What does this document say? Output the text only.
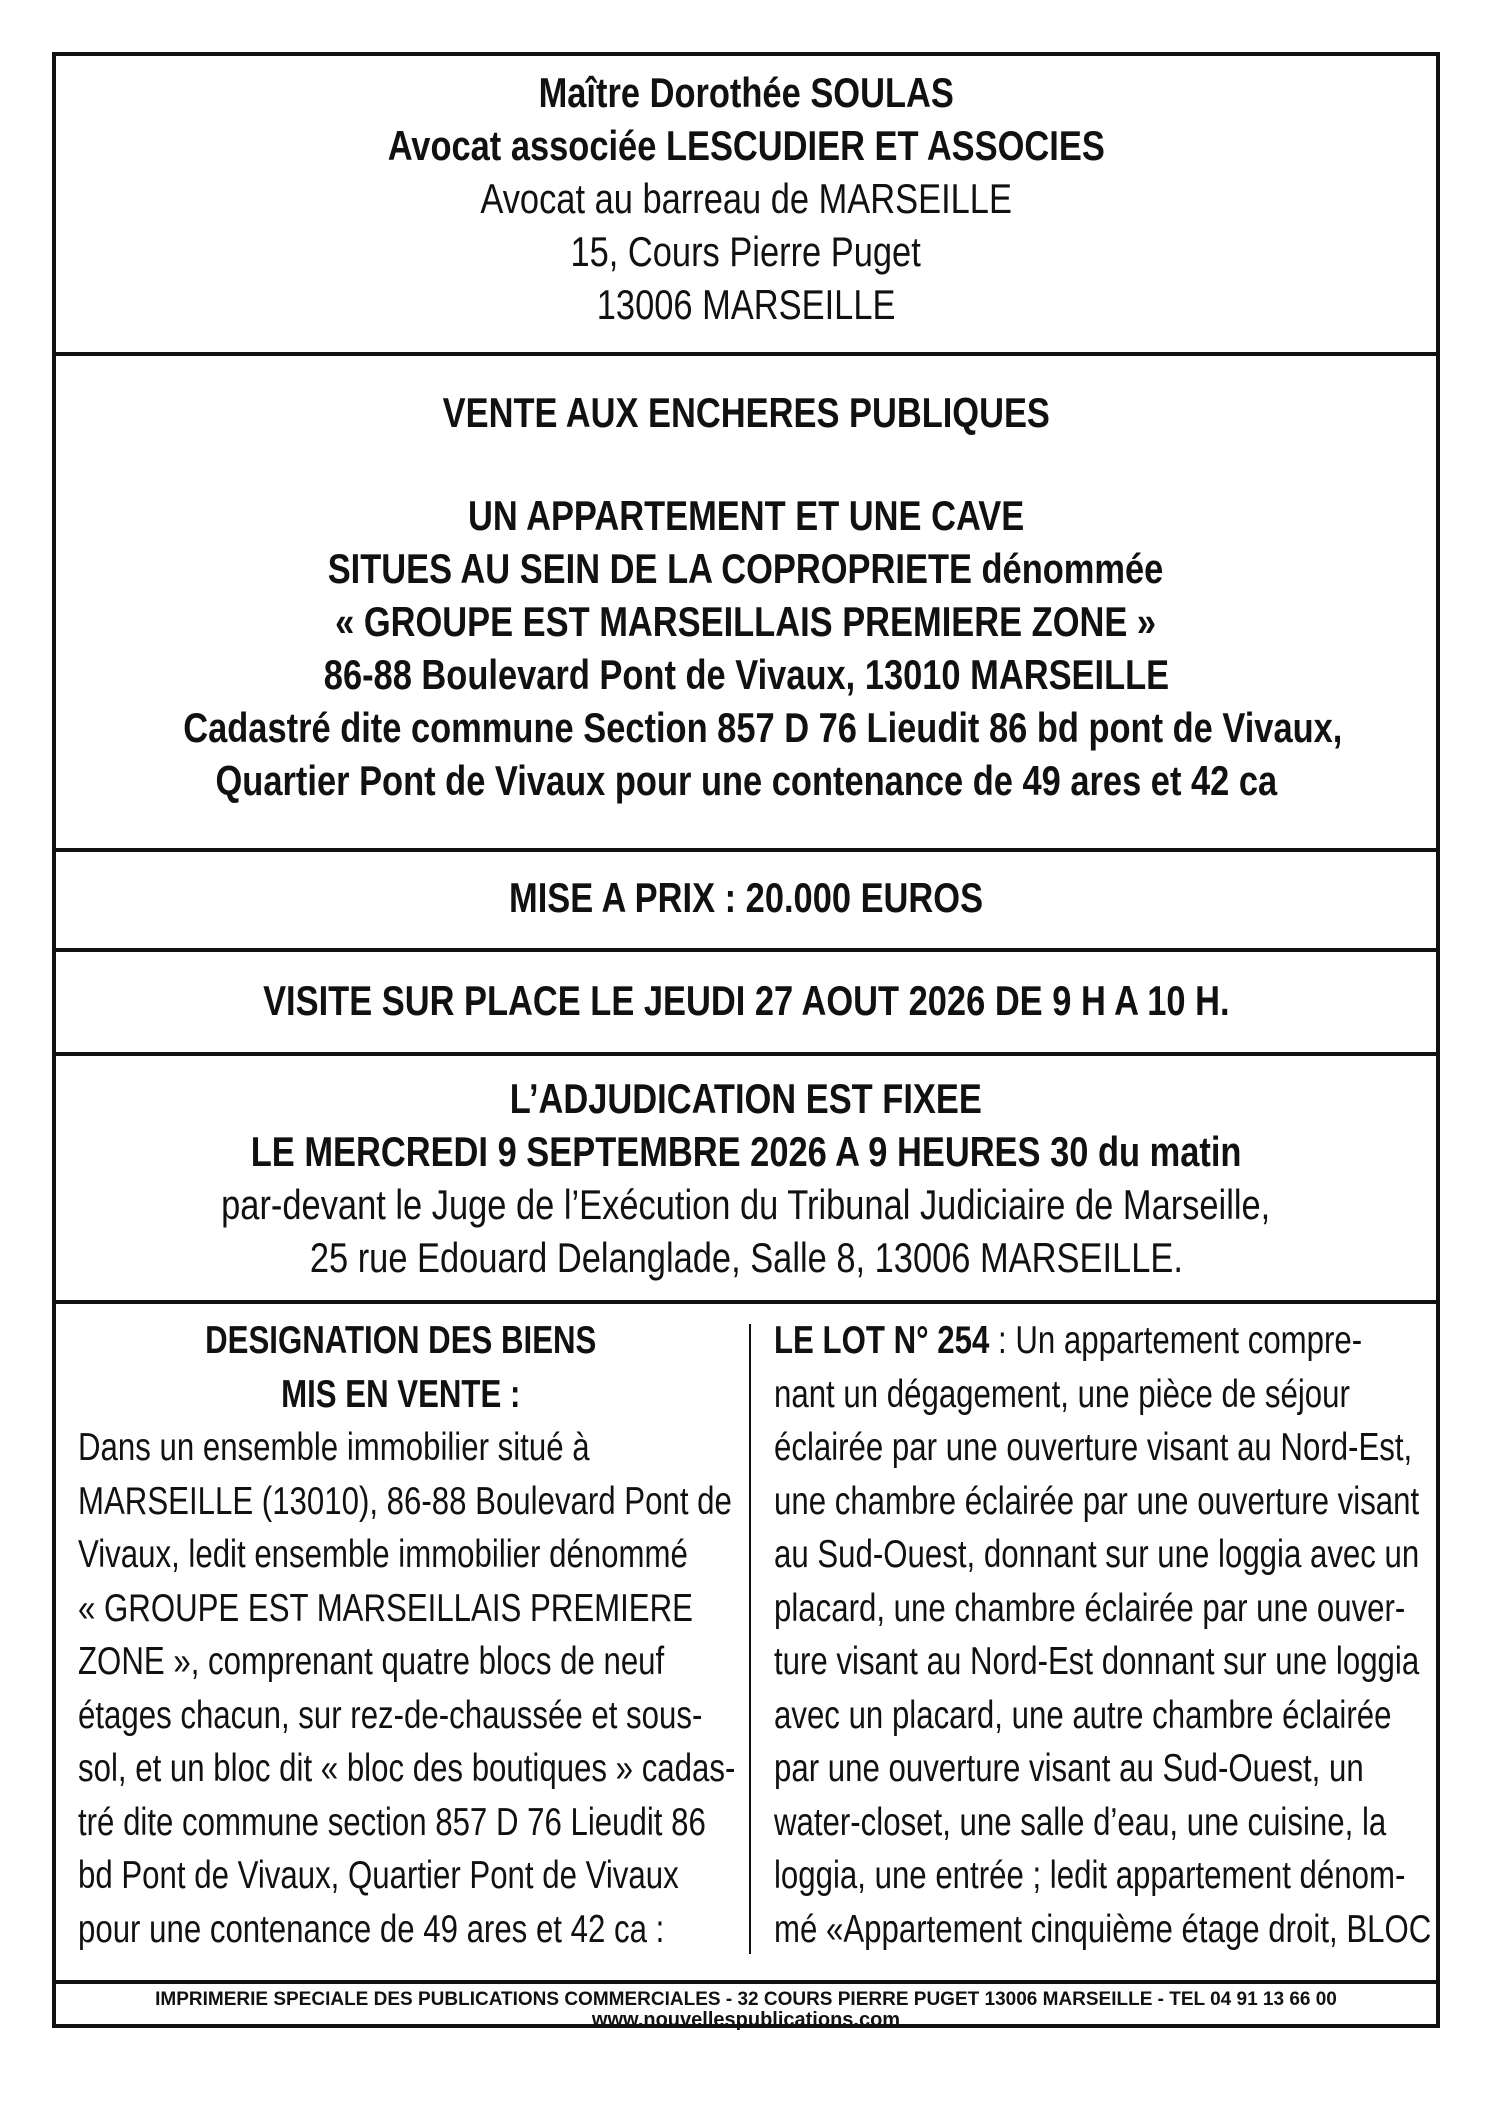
Maître Dorothée SOULAS
Avocat associée LESCUDIER ET ASSOCIES
Avocat au barreau de MARSEILLE
15, Cours Pierre Puget
13006 MARSEILLE
VENTE AUX ENCHERES PUBLIQUES
UN APPARTEMENT ET UNE CAVE
SITUES AU SEIN DE LA COPROPRIETE dénommée
« GROUPE EST MARSEILLAIS PREMIERE ZONE »
86-88 Boulevard Pont de Vivaux, 13010 MARSEILLE
Cadastré dite commune Section 857 D 76 Lieudit 86 bd pont de Vivaux,
Quartier Pont de Vivaux pour une contenance de 49 ares et 42 ca
MISE A PRIX : 20.000 EUROS
VISITE SUR PLACE LE JEUDI 27 AOUT 2026 DE 9 H A 10 H.
L’ADJUDICATION EST FIXEE
LE MERCREDI 9 SEPTEMBRE 2026 A 9 HEURES 30 du matin
par-devant le Juge de l’Exécution du Tribunal Judiciaire de Marseille,
25 rue Edouard Delanglade, Salle 8, 13006 MARSEILLE.
DESIGNATION DES BIENS
MIS EN VENTE :
Dans un ensemble immobilier situé à
MARSEILLE (13010), 86-88 Boulevard Pont de
Vivaux, ledit ensemble immobilier dénommé
« GROUPE EST MARSEILLAIS PREMIERE
ZONE », comprenant quatre blocs de neuf
étages chacun, sur rez-de-chaussée et sous-
sol, et un bloc dit « bloc des boutiques » cadas-
tré dite commune section 857 D 76 Lieudit 86
bd Pont de Vivaux, Quartier Pont de Vivaux
pour une contenance de 49 ares et 42 ca :
LE LOT N° 254 : Un appartement compre-
nant un dégagement, une pièce de séjour
éclairée par une ouverture visant au Nord-Est,
une chambre éclairée par une ouverture visant
au Sud-Ouest, donnant sur une loggia avec un
placard, une chambre éclairée par une ouver-
ture visant au Nord-Est donnant sur une loggia
avec un placard, une autre chambre éclairée
par une ouverture visant au Sud-Ouest, un
water-closet, une salle d’eau, une cuisine, la
loggia, une entrée ; ledit appartement dénom-
mé «Appartement cinquième étage droit, BLOC
IMPRIMERIE SPECIALE DES PUBLICATIONS COMMERCIALES - 32 COURS PIERRE PUGET 13006 MARSEILLE - TEL 04 91 13 66 00
www.nouvellespublications.com
